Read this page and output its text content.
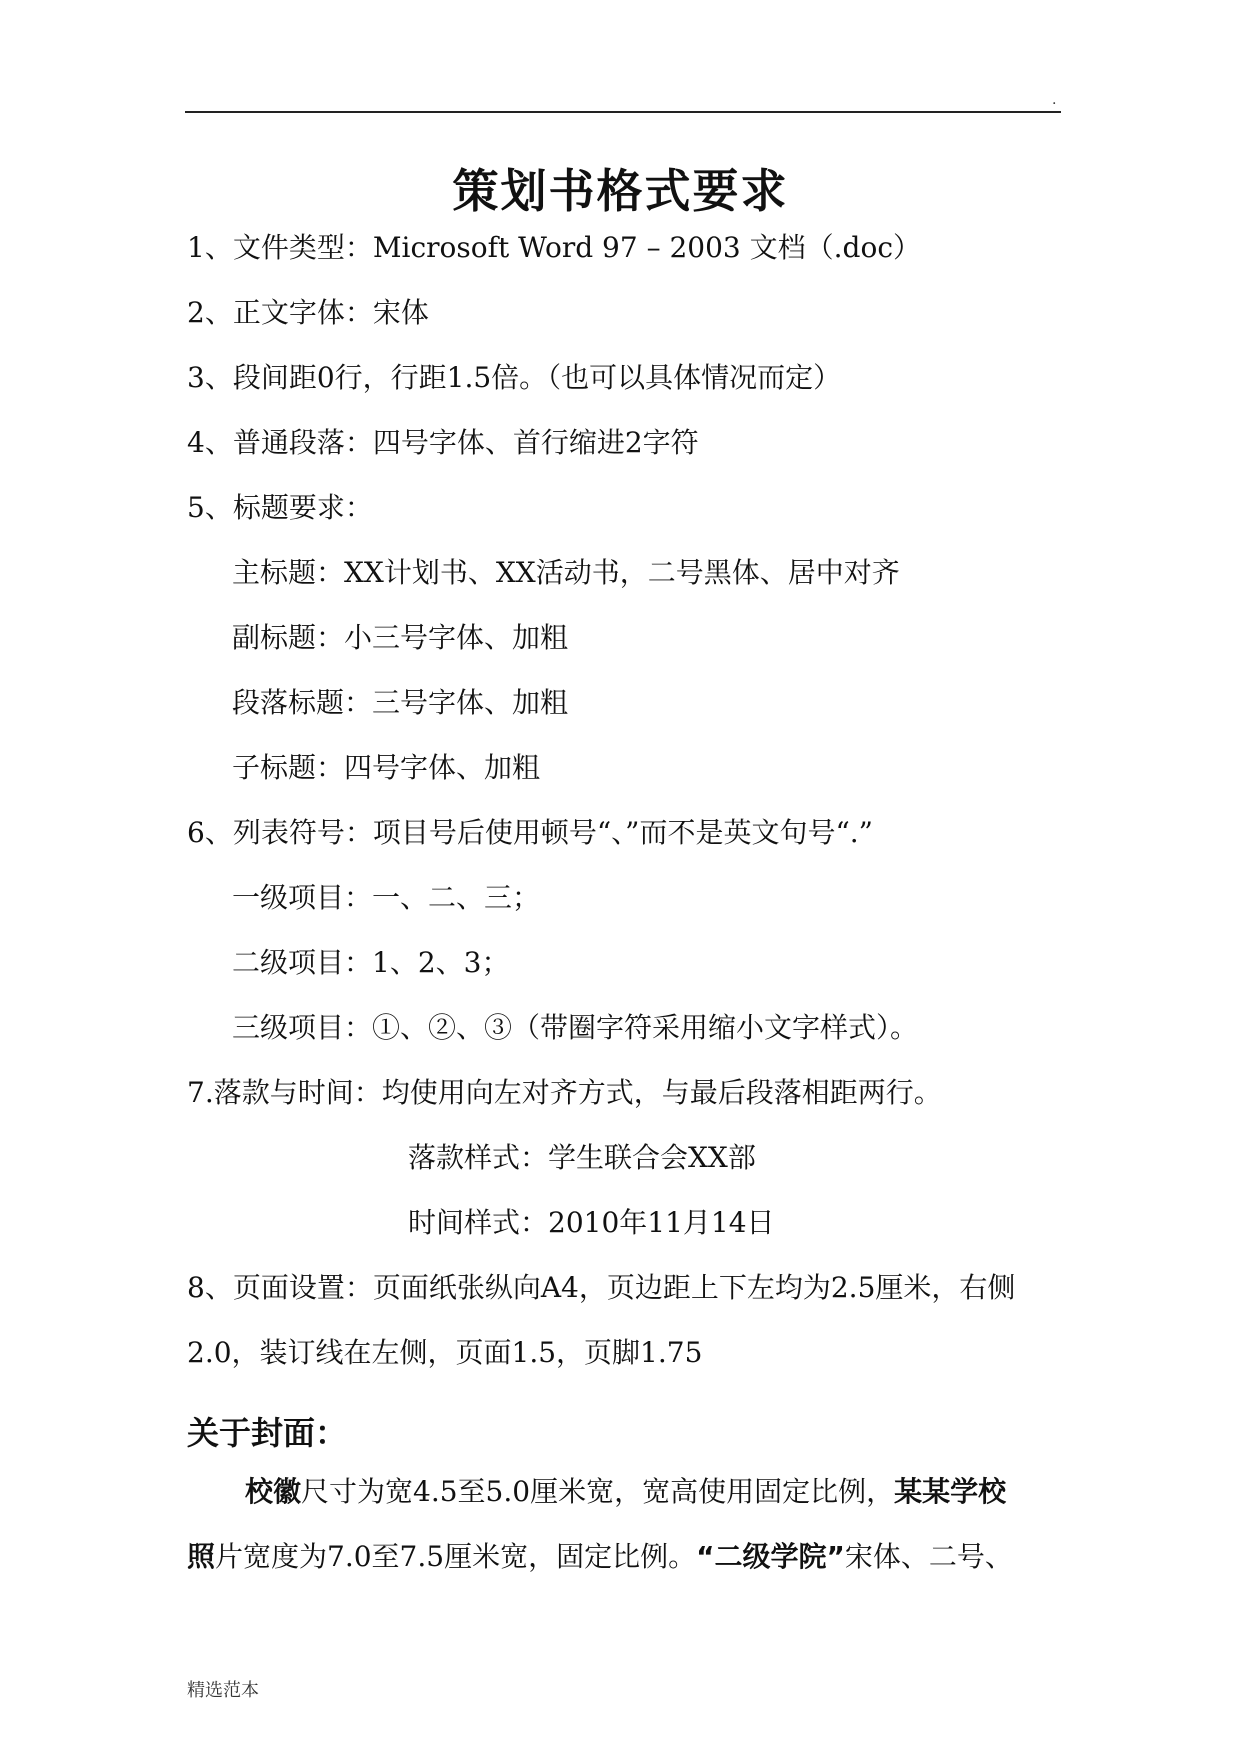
.
策划书格式要求
1、文件类型：Microsoft Word 97 – 2003 文档（.doc）
2、正文字体：宋体
3、段间距0行，行距1.5倍。（也可以具体情况而定）
4、普通段落：四号字体、首行缩进2字符
5、标题要求：
主标题：XX计划书、XX活动书，二号黑体、居中对齐
副标题：小三号字体、加粗
段落标题：三号字体、加粗
子标题：四号字体、加粗
6、列表符号：项目号后使用顿号“、”而不是英文句号“.”
一级项目：一、二、三；
二级项目：1、2、3；
三级项目：①、②、③（带圈字符采用缩小文字样式）。
7.落款与时间：均使用向左对齐方式，与最后段落相距两行。
落款样式：学生联合会XX部
时间样式：2010年11月14日
8、页面设置：页面纸张纵向A4，页边距上下左均为2.5厘米，右侧
2.0，装订线在左侧，页面1.5，页脚1.75
关于封面：
校徽尺寸为宽4.5至5.0厘米宽，宽高使用固定比例，某某学校
照片宽度为7.0至7.5厘米宽，固定比例。“二级学院”宋体、二号、
精选范本
